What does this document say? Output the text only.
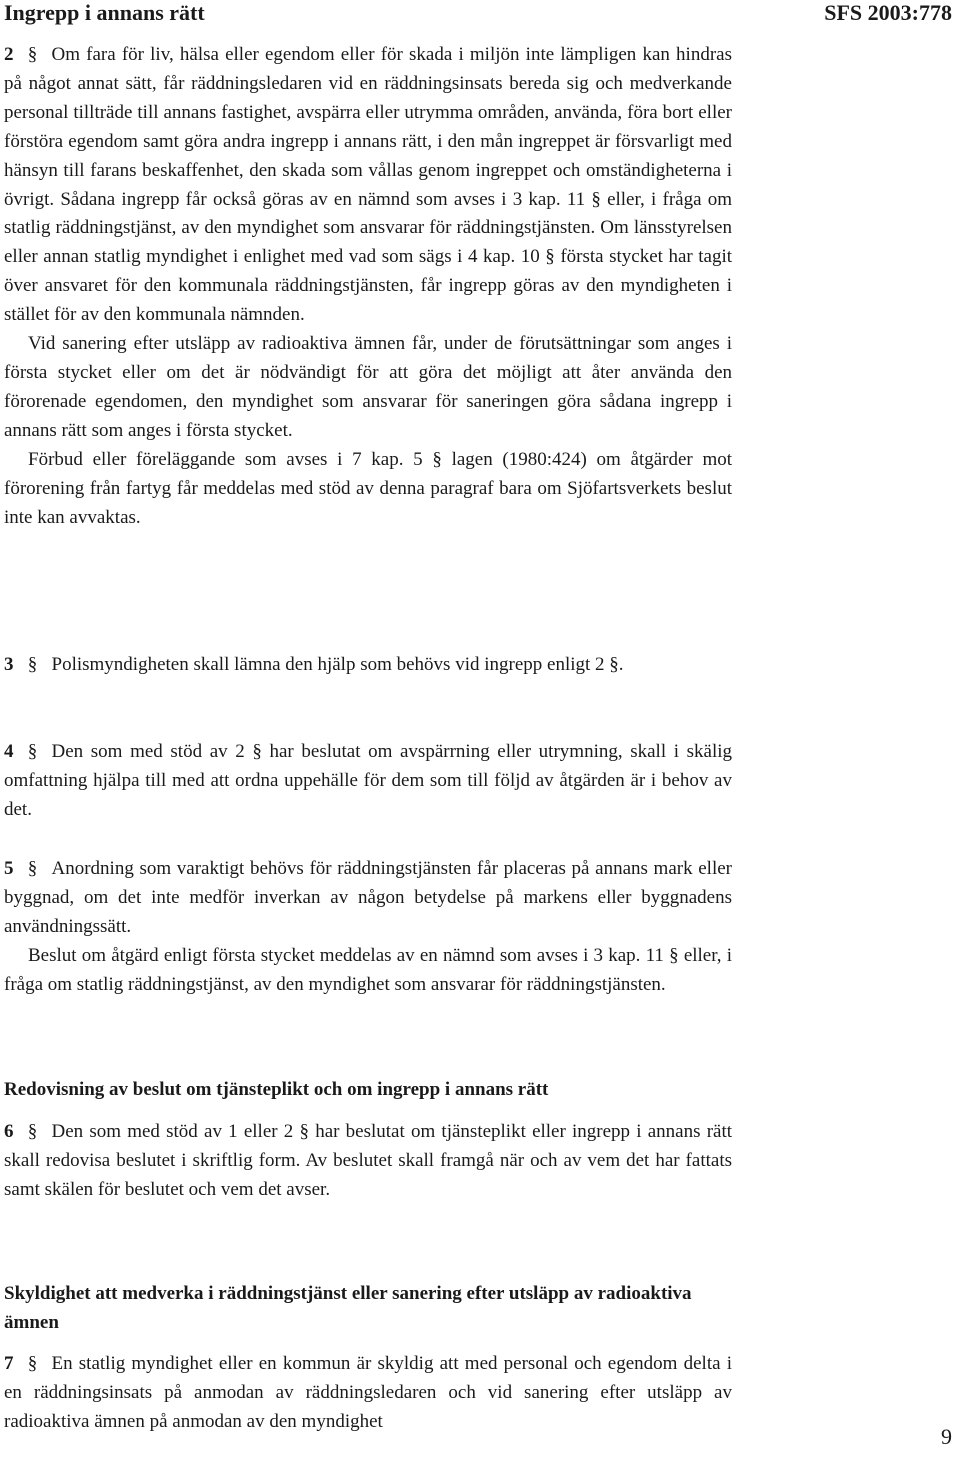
Ingrepp i annans rätt	SFS 2003:778

2 § Om fara för liv, hälsa eller egendom eller för skada i miljön inte lämpligen kan hindras på något annat sätt, får räddningsledaren vid en räddningsinsats bereda sig och medverkande personal tillträde till annans fastighet, avspärra eller utrymma områden, använda, föra bort eller förstöra egendom samt göra andra ingrepp i annans rätt, i den mån ingreppet är försvarligt med hänsyn till farans beskaffenhet, den skada som vållas genom ingreppet och omständigheterna i övrigt. Sådana ingrepp får också göras av en nämnd som avses i 3 kap. 11 § eller, i fråga om statlig räddningstjänst, av den myndighet som ansvarar för räddningstjänsten. Om länsstyrelsen eller annan statlig myndighet i enlighet med vad som sägs i 4 kap. 10 § första stycket har tagit över ansvaret för den kommunala räddningstjänsten, får ingrepp göras av den myndigheten i stället för av den kommunala nämnden.

Vid sanering efter utsläpp av radioaktiva ämnen får, under de förutsättningar som anges i första stycket eller om det är nödvändigt för att göra det möjligt att åter använda den förorenade egendomen, den myndighet som ansvarar för saneringen göra sådana ingrepp i annans rätt som anges i första stycket.

Förbud eller föreläggande som avses i 7 kap. 5 § lagen (1980:424) om åtgärder mot förorening från fartyg får meddelas med stöd av denna paragraf bara om Sjöfartsverkets beslut inte kan avvaktas.

3 § Polismyndigheten skall lämna den hjälp som behövs vid ingrepp enligt 2 §.

4 § Den som med stöd av 2 § har beslutat om avspärrning eller utrymning, skall i skälig omfattning hjälpa till med att ordna uppehälle för dem som till följd av åtgärden är i behov av det.

5 § Anordning som varaktigt behövs för räddningstjänsten får placeras på annans mark eller byggnad, om det inte medför inverkan av någon betydelse på markens eller byggnadens användningssätt.

Beslut om åtgärd enligt första stycket meddelas av en nämnd som avses i 3 kap. 11 § eller, i fråga om statlig räddningstjänst, av den myndighet som ansvarar för räddningstjänsten.

Redovisning av beslut om tjänsteplikt och om ingrepp i annans rätt

6 § Den som med stöd av 1 eller 2 § har beslutat om tjänsteplikt eller ingrepp i annans rätt skall redovisa beslutet i skriftlig form. Av beslutet skall framgå när och av vem det har fattats samt skälen för beslutet och vem det avser.

Skyldighet att medverka i räddningstjänst eller sanering efter utsläpp av radioaktiva ämnen

7 § En statlig myndighet eller en kommun är skyldig att med personal och egendom delta i en räddningsinsats på anmodan av räddningsledaren och vid sanering efter utsläpp av radioaktiva ämnen på anmodan av den myndighet

9
